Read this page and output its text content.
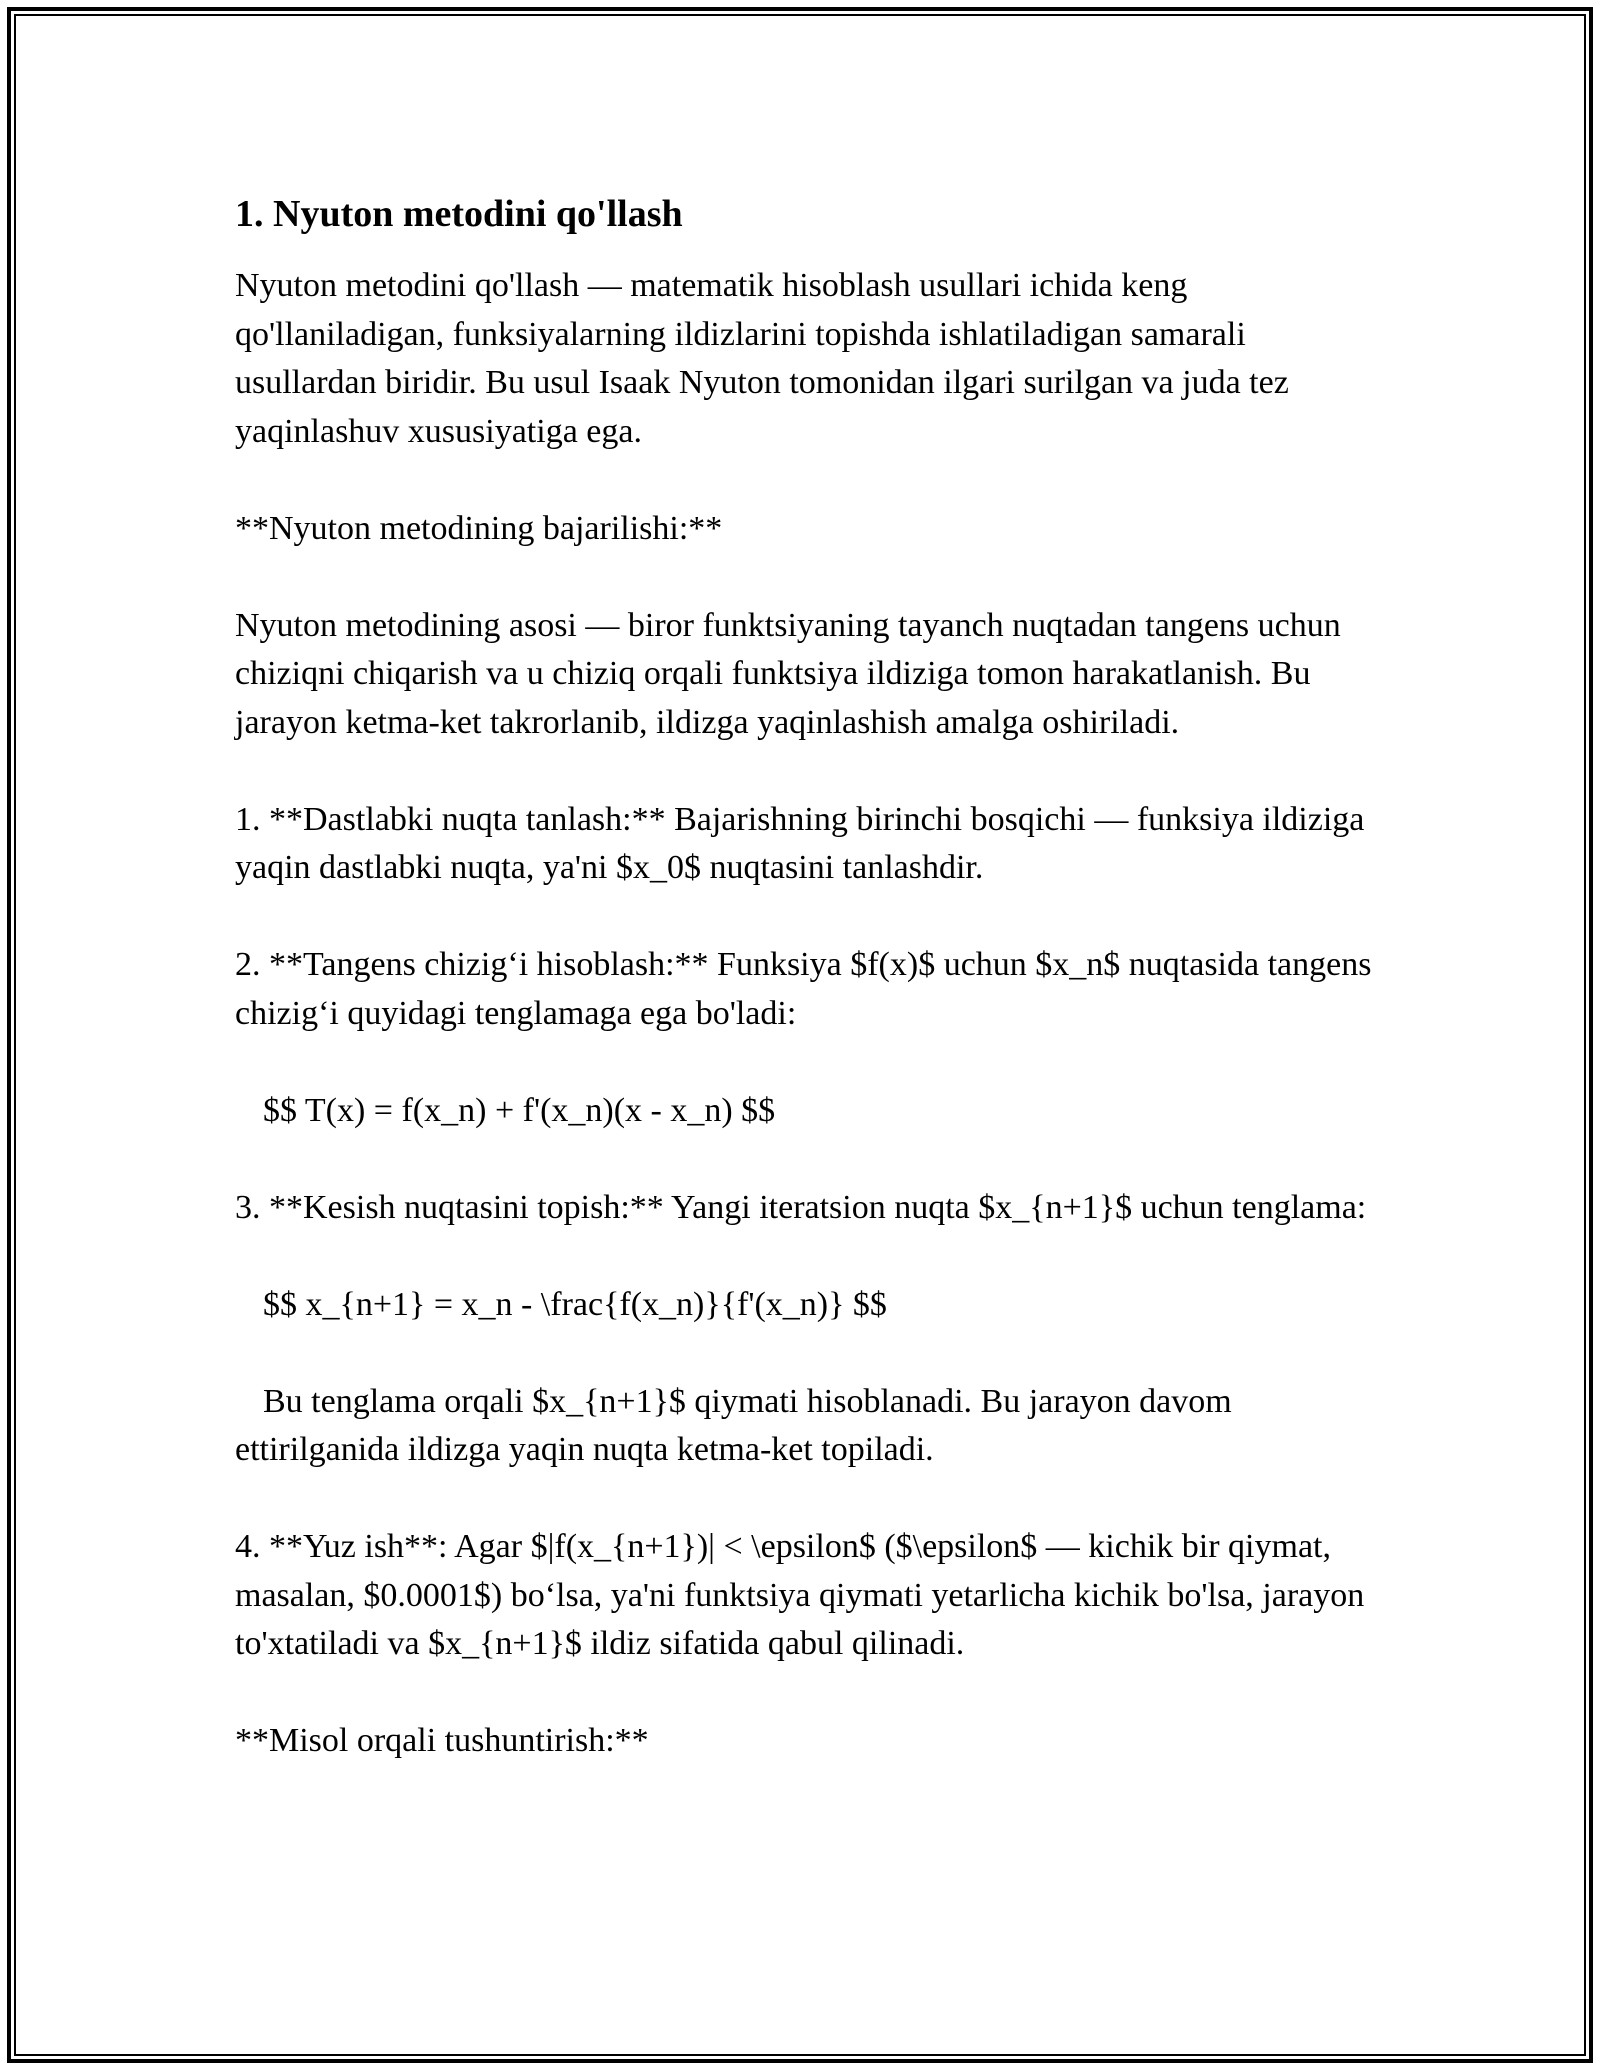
1. Nyuton metodini qo'llash

Nyuton metodini qo'llash — matematik hisoblash usullari ichida keng qo'llaniladigan, funksiyalarning ildizlarini topishda ishlatiladigan samarali usullardan biridir. Bu usul Isaak Nyuton tomonidan ilgari surilgan va juda tez yaqinlashuv xususiyatiga ega.

**Nyuton metodining bajarilishi:**

Nyuton metodining asosi — biror funktsiyaning tayanch nuqtadan tangens uchun chiziqni chiqarish va u chiziq orqali funktsiya ildiziga tomon harakatlanish. Bu jarayon ketma-ket takrorlanib, ildizga yaqinlashish amalga oshiriladi.

1. **Dastlabki nuqta tanlash:** Bajarishning birinchi bosqichi — funksiya ildiziga yaqin dastlabki nuqta, ya'ni $x_0$ nuqtasini tanlashdir.

2. **Tangens chizig‘i hisoblash:** Funksiya $f(x)$ uchun $x_n$ nuqtasida tangens chizig‘i quyidagi tenglamaga ega bo'ladi:

$$ T(x) = f(x_n) + f'(x_n)(x - x_n) $$

3. **Kesish nuqtasini topish:** Yangi iteratsion nuqta $x_{n+1}$ uchun tenglama:

$$ x_{n+1} = x_n - \frac{f(x_n)}{f'(x_n)} $$

Bu tenglama orqali $x_{n+1}$ qiymati hisoblanadi. Bu jarayon davom ettirilganida ildizga yaqin nuqta ketma-ket topiladi.

4. **Yuz ish**: Agar $|f(x_{n+1})| < \epsilon$ ($\epsilon$ — kichik bir qiymat, masalan, $0.0001$) bo‘lsa, ya'ni funktsiya qiymati yetarlicha kichik bo'lsa, jarayon to'xtatiladi va $x_{n+1}$ ildiz sifatida qabul qilinadi.

**Misol orqali tushuntirish:**
